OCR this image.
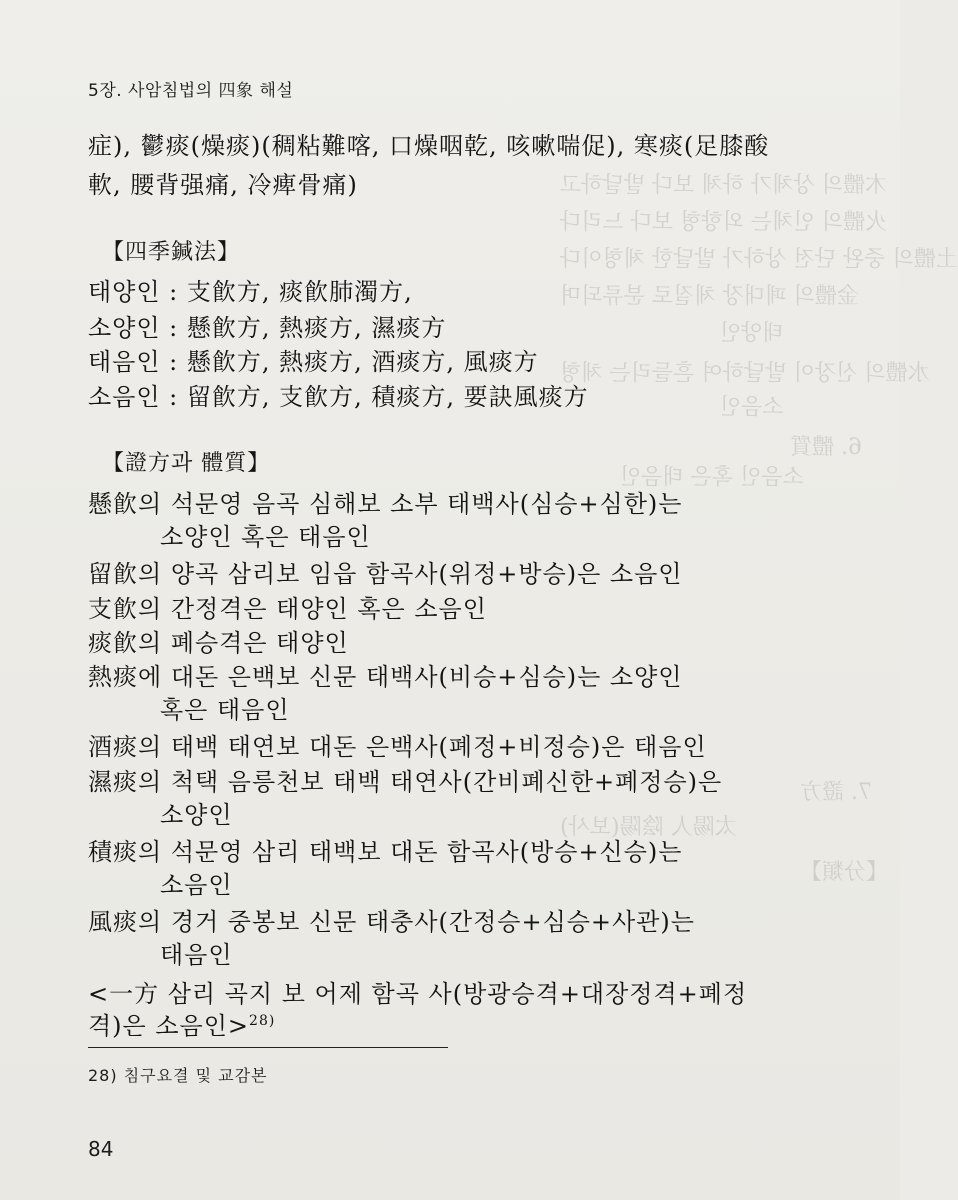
木體의 상체가 하체 보다 발달하고
火體의 인체는 외향형 보다 느리다
土體의 중완 단전 상하가 발달한 체형이다
金體의 폐대장 체질로 분류되며
水體의 신장이 발달하여 흔들리는 체형
태양인
소음인
6. 體質
소음인 혹은 태음인
7. 證方
太陽人 陰陽(보사)
【分類】
5장. 사암침법의 四象 해설
症), 鬱痰(燥痰)(稠粘難喀, 口燥咽乾, 咳嗽喘促), 寒痰(足膝酸
軟, 腰背强痛, 冷痺骨痛)
【四季鍼法】
태양인 : 支飮方, 痰飮肺濁方,
소양인 : 懸飮方, 熱痰方, 濕痰方
태음인 : 懸飮方, 熱痰方, 酒痰方, 風痰方
소음인 : 留飮方, 支飮方, 積痰方, 要訣風痰方
【證方과 體質】
懸飮의 석문영 음곡 심해보 소부 태백사(심승+심한)는
소양인 혹은 태음인
留飮의 양곡 삼리보 임읍 함곡사(위정+방승)은 소음인
支飮의 간정격은 태양인 혹은 소음인
痰飮의 폐승격은 태양인
熱痰에 대돈 은백보 신문 태백사(비승+심승)는 소양인
혹은 태음인
酒痰의 태백 태연보 대돈 은백사(폐정+비정승)은 태음인
濕痰의 척택 음릉천보 태백 태연사(간비폐신한+폐정승)은
소양인
積痰의 석문영 삼리 태백보 대돈 함곡사(방승+신승)는
소음인
風痰의 경거 중봉보 신문 태충사(간정승+심승+사관)는
태음인
<一方 삼리 곡지 보 어제 함곡 사(방광승격+대장정격+폐정
격)은 소음인>$^{28)}$
28) 침구요결 및 교감본
84
